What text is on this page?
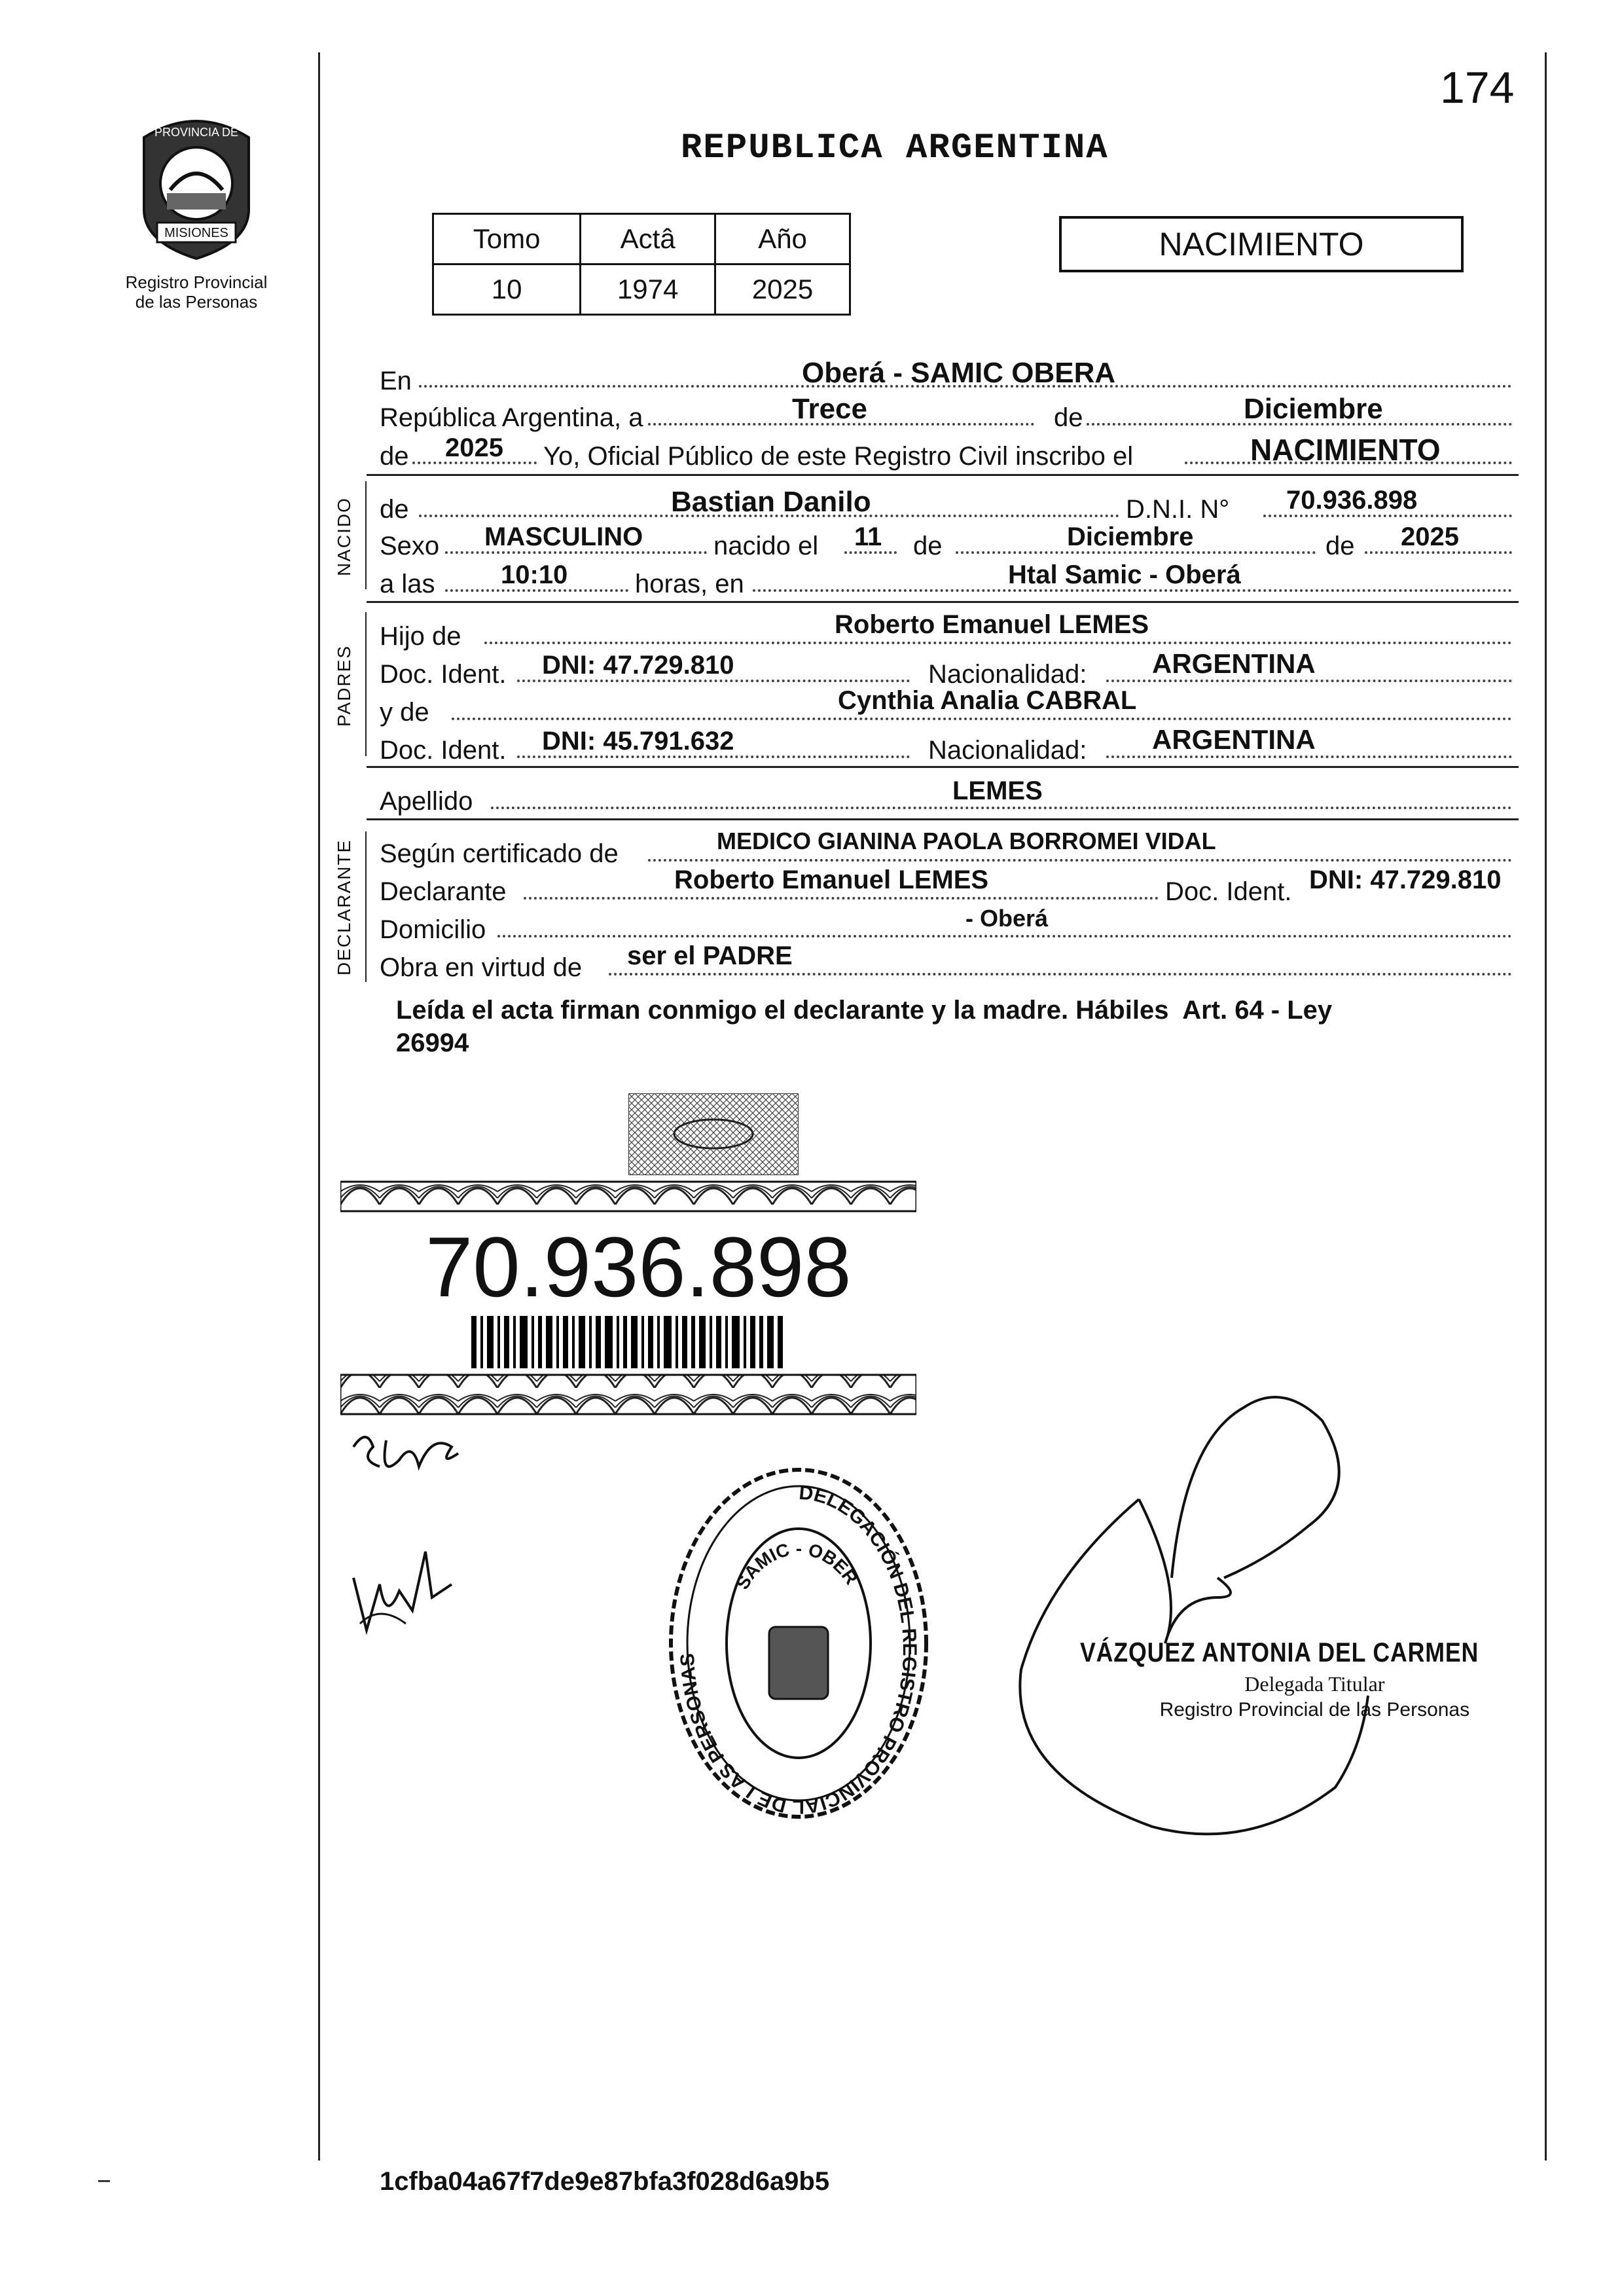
174
MISIONES
PROVINCIA DE
Registro Provincial
de las Personas
REPUBLICA ARGENTINA
Tomo	Actâ	Año
10	1974	2025
NACIMIENTO
En	Oberá - SAMIC OBERA
República Argentina, a	Trece	de	Diciembre
de 2025 Yo, Oficial Público de este Registro Civil inscribo el	NACIMIENTO
NACIDO de	Bastian Danilo	D.N.I. N° 70.936.898
Sexo MASCULINO	nacido el 11 de	Diciembre	de 2025
a las	10:10	horas, en	Htal Samic - Oberá
PADRES
Hijo de	Roberto Emanuel LEMES
Doc. Ident. DNI: 47.729.810	Nacionalidad: ARGENTINA
y de	Cynthia Analia CABRAL
Doc. Ident. DNI: 45.791.632	Nacionalidad: ARGENTINA
Apellido	LEMES
DECLARANTE Según certificado de	MEDICO GIANINA PAOLA BORROMEI VIDAL
Declarante	Roberto Emanuel LEMES	Doc. Ident. DNI: 47.729.810
Domicilio	- Oberá
Obra en virtud de ser el PADRE
Leída el acta firman conmigo el declarante y la madre. Hábiles  Art. 64 - Ley
26994
70.936.898
DELEGACIÓN DEL REGISTRO PROVINCIAL DE LAS PERSONAS
SAMIC - OBER
VÁZQUEZ ANTONIA DEL CARMEN
Delegada Titular
Registro Provincial de las Personas
1cfba04a67f7de9e87bfa3f028d6a9b5
